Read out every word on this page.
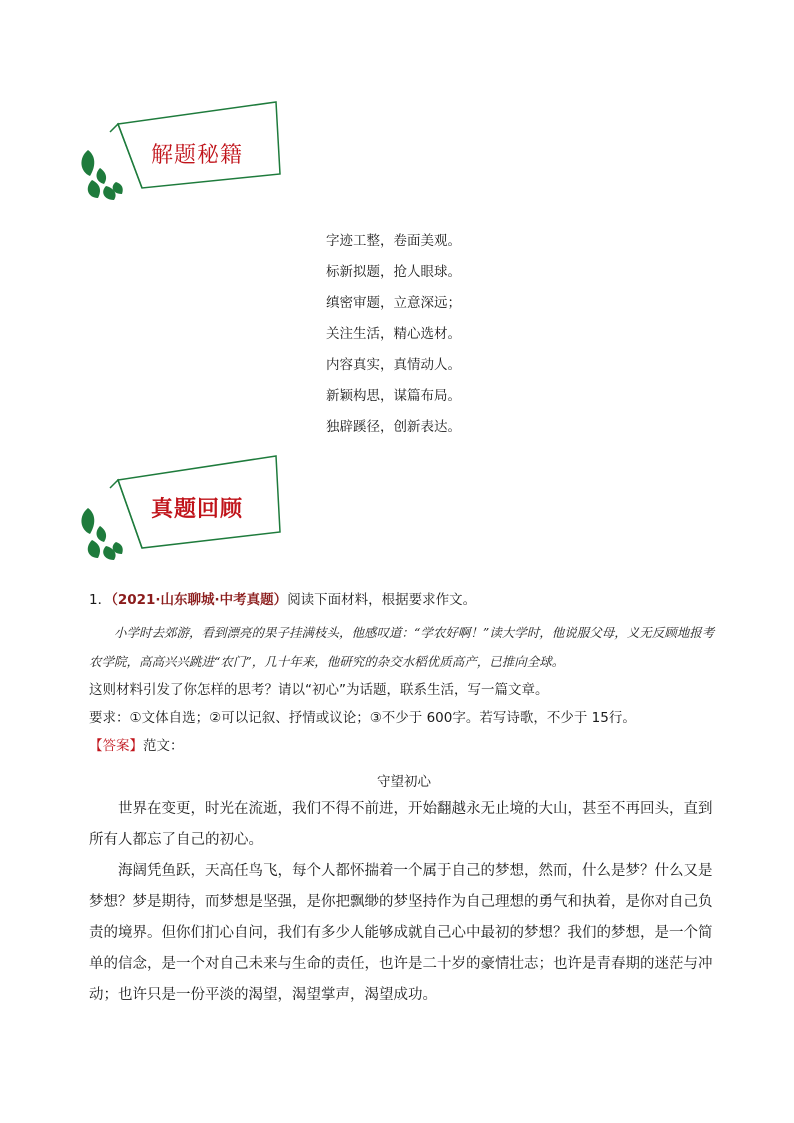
解题秘籍
字迹工整，卷面美观。
标新拟题，抢人眼球。
缜密审题，立意深远；
关注生活，精心选材。
内容真实，真情动人。
新颖构思，谋篇布局。
独辟蹊径，创新表达。
真题回顾
1．（2021·山东聊城·中考真题）阅读下面材料，根据要求作文。
小学时去郊游，看到漂亮的果子挂满枝头，他感叹道：“学农好啊！”读大学时，他说服父母，义无反顾地报考农学院，高高兴兴跳进“农门”，几十年来，他研究的杂交水稻优质高产，已推向全球。
这则材料引发了你怎样的思考？请以“初心”为话题，联系生活，写一篇文章。
要求：①文体自选；②可以记叙、抒情或议论；③不少于 600字。若写诗歌，不少于 15行。
【答案】范文：
守望初心

世界在变更，时光在流逝，我们不得不前进，开始翻越永无止境的大山，甚至不再回头，直到所有人都忘了自己的初心。

海阔凭鱼跃，天高任鸟飞，每个人都怀揣着一个属于自己的梦想，然而，什么是梦？什么又是梦想？梦是期待，而梦想是坚强，是你把飘缈的梦坚持作为自己理想的勇气和执着，是你对自己负责的境界。但你们扪心自问，我们有多少人能够成就自己心中最初的梦想？我们的梦想，是一个简单的信念，是一个对自己未来与生命的责任，也许是二十岁的豪情壮志；也许是青春期的迷茫与冲动；也许只是一份平淡的渴望，渴望掌声，渴望成功。
